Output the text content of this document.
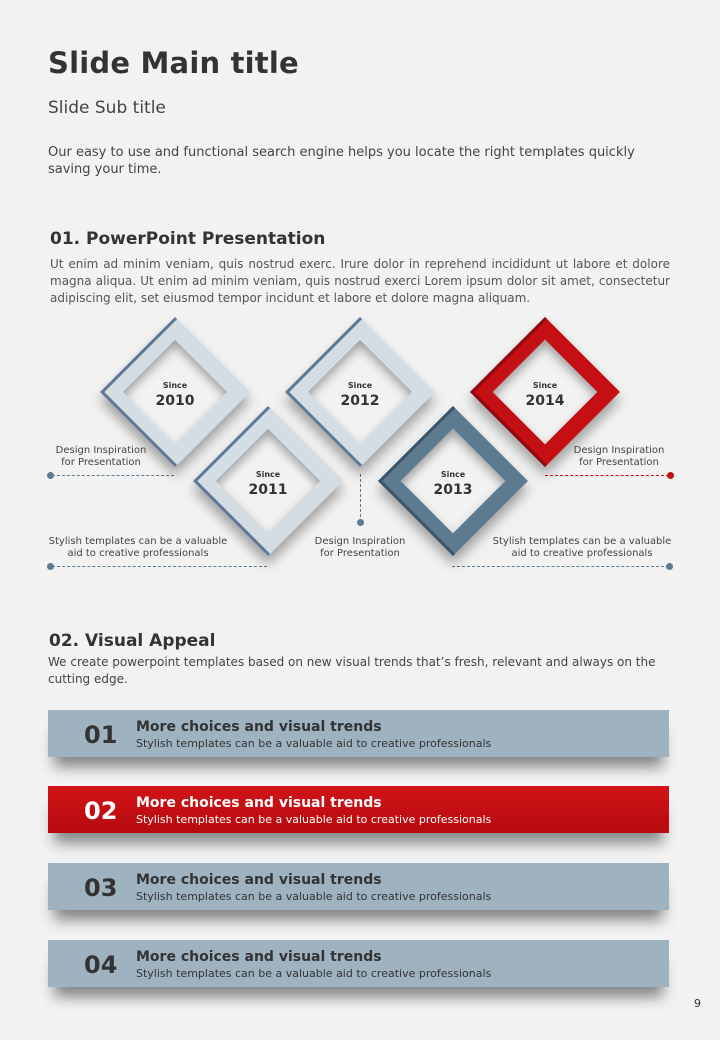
Slide Main title
Slide Sub title
Our easy to use and functional search engine helps you locate the right templates quickly saving your time.
01. PowerPoint Presentation
Ut enim ad minim veniam, quis nostrud exerc. Irure dolor in reprehend incididunt ut labore et dolore magna aliqua. Ut enim ad minim veniam, quis nostrud exerci Lorem ipsum dolor sit amet, consectetur adipiscing elit, set eiusmod tempor incidunt et labore et dolore magna aliquam.
Since
2010
Since
2012
Since
2014
Since
2011
Since
2013
Design Inspiration for Presentation
Stylish templates can be a valuable aid to creative professionals
Design Inspiration for Presentation
Design Inspiration for Presentation
Stylish templates can be a valuable aid to creative professionals
02. Visual Appeal
We create powerpoint templates based on new visual trends that’s fresh, relevant and always on the cutting edge.
01 More choices and visual trends
Stylish templates can be a valuable aid to creative professionals
02 More choices and visual trends
Stylish templates can be a valuable aid to creative professionals
03 More choices and visual trends
Stylish templates can be a valuable aid to creative professionals
04 More choices and visual trends
Stylish templates can be a valuable aid to creative professionals
9
